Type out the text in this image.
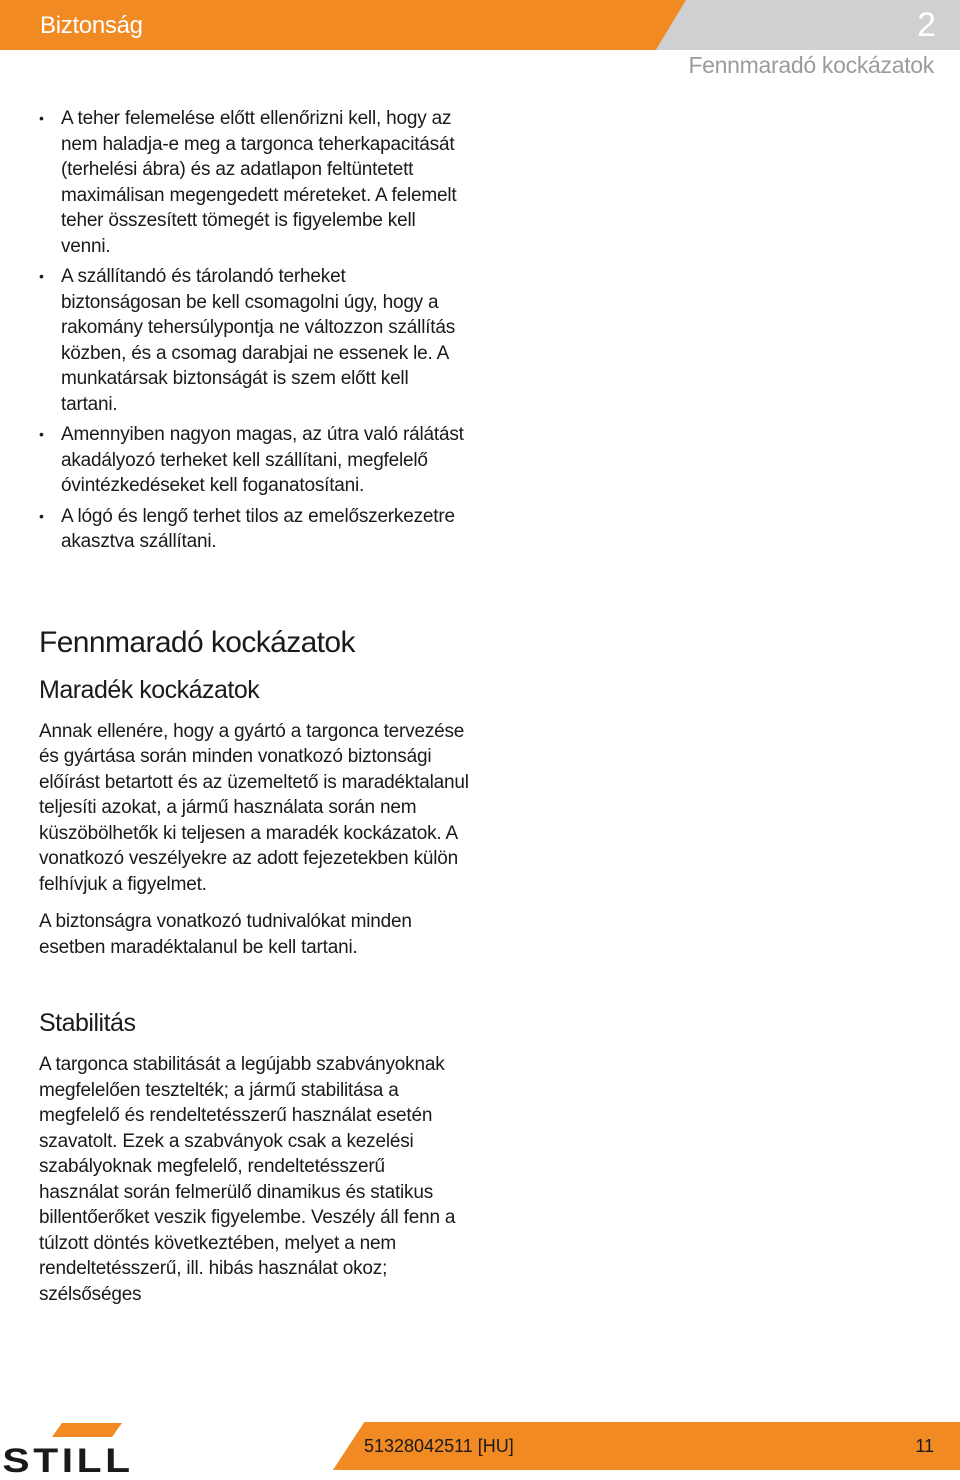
Biztonság	2
Fennmaradó kockázatok
• A teher felemelése előtt ellenőrizni kell, hogy az nem haladja-e meg a targonca teherkapacitását (terhelési ábra) és az adatlapon feltüntetett maximálisan megengedett méreteket. A felemelt teher összesített tömegét is figyelembe kell venni.
• A szállítandó és tárolandó terheket biztonságosan be kell csomagolni úgy, hogy a rakomány tehersúlypontja ne változzon szállítás közben, és a csomag darabjai ne essenek le. A munkatársak biztonságát is szem előtt kell tartani.
• Amennyiben nagyon magas, az útra való rálátást akadályozó terheket kell szállítani, megfelelő óvintézkedéseket kell foganatosítani.
• A lógó és lengő terhet tilos az emelőszerkezetre akasztva szállítani.
Fennmaradó kockázatok
Maradék kockázatok

Annak ellenére, hogy a gyártó a targonca tervezése és gyártása során minden vonatkozó biztonsági előírást betartott és az üzemeltető is maradéktalanul teljesíti azokat, a jármű használata során nem küszöbölhetők ki teljesen a maradék kockázatok. A vonatkozó veszélyekre az adott fejezetekben külön felhívjuk a figyelmet.

A biztonságra vonatkozó tudnivalókat minden esetben maradéktalanul be kell tartani.

Stabilitás

A targonca stabilitását a legújabb szabványoknak megfelelően tesztelték; a jármű stabilitása a megfelelő és rendeltetésszerű használat esetén szavatolt. Ezek a szabványok csak a kezelési szabályoknak megfelelő, rendeltetésszerű használat során felmerülő dinamikus és statikus billentőerőket veszik figyelembe. Veszély áll fenn a túlzott döntés következtében, melyet a nem rendeltetésszerű, ill. hibás használat okoz; szélsőséges

STILL	51328042511 [HU]	11
